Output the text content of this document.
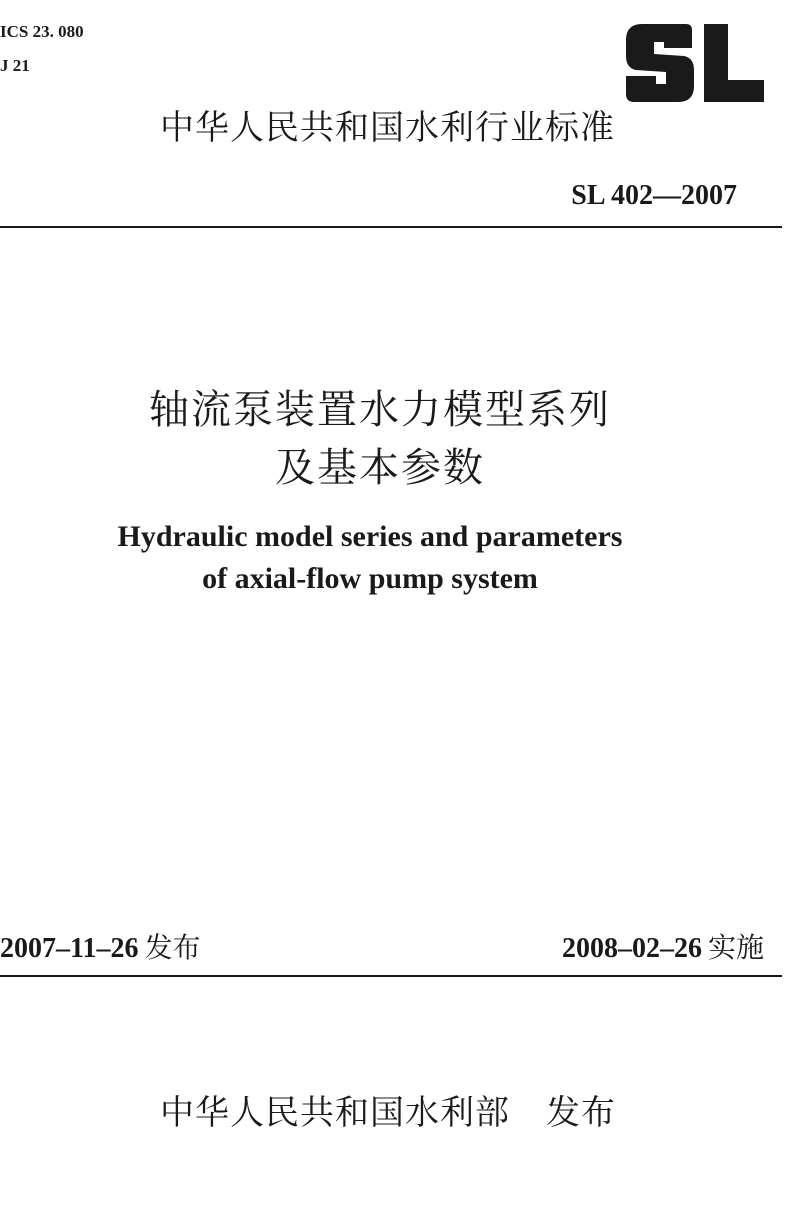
ICS 23. 080
J 21
中华人民共和国水利行业标准
SL 402—2007
轴流泵装置水力模型系列
及基本参数
Hydraulic model series and parameters
of axial-flow pump system
2007–11–26 发布	2008–02–26 实施
中华人民共和国水利部 发布
